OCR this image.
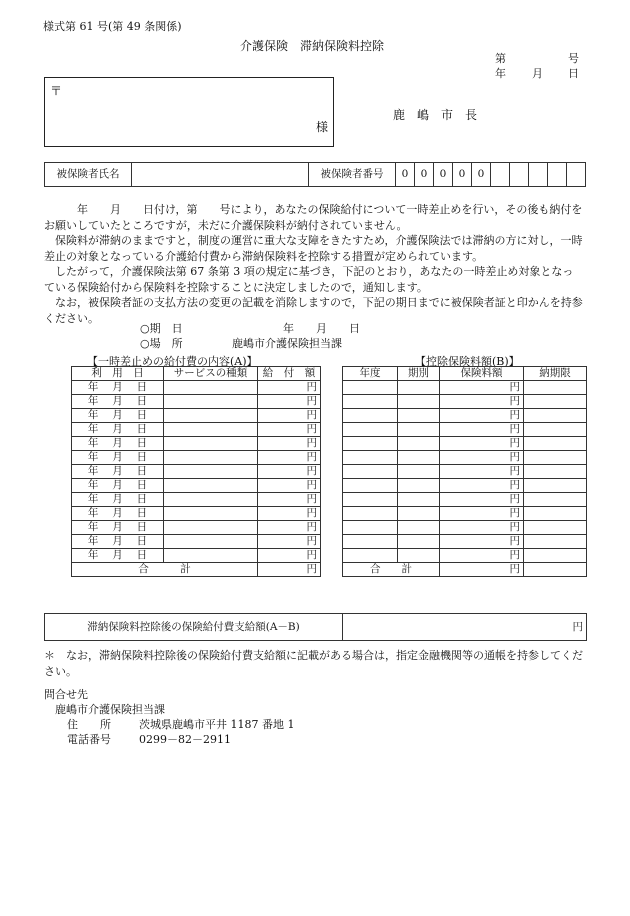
様式第 61 号(第 49 条関係)
介護保険　滞納保険料控除
第	号
年 月 日
〒
様
鹿　嶋　市　長
被保険者氏名		被保険者番号	0	0	0	0	0					

　　年　　月　　日付け，第　　号により，あなたの保険給付について一時差止めを行い，その後も納付をお願いしていたところですが，未だに介護保険料が納付されていません。

保険料が滞納のままですと，制度の運営に重大な支障をきたすため，介護保険法では滞納の方に対し，一時差止の対象となっている介護給付費から滞納保険料を控除する措置が定められています。

したがって，介護保険法第 67 条第 3 項の規定に基づき，下記のとおり，あなたの一時差止め対象となっている保険給付から保険料を控除することに決定しましたので，通知します。

なお，被保険者証の支払方法の変更の記載を消除しますので，下記の期日までに被保険者証と印かんを持参ください。

○期　日	年　　月　　日
○場　所	鹿嶋市介護保険担当課
【一時差止めの給付費の内容(A)】	【控除保険料額(B)】
利　用　日	サービスの種類	給　付　額
年　 月　 日		円
年　 月　 日		円
年　 月　 日		円
年　 月　 日		円
年　 月　 日		円
年　 月　 日		円
年　 月　 日		円
年　 月　 日		円
年　 月　 日		円
年　 月　 日		円
年　 月　 日		円
年　 月　 日		円
年　 月　 日		円
合　　　計		円
年度	期別	保険料額	納期限
		円	
		円	
		円	
		円	
		円	
		円	
		円	
		円	
		円	
		円	
		円	
		円	
		円	
合　　計		円	
滞納保険料控除後の保険給付費支給額(A－B)	円
＊　なお，滞納保険料控除後の保険給付費支給額に記載がある場合は，指定金融機関等の通帳を持参してください。
問合せ先
鹿嶋市介護保険担当課
住　　所	茨城県鹿嶋市平井 1187 番地 1
電話番号	0299－82－2911
